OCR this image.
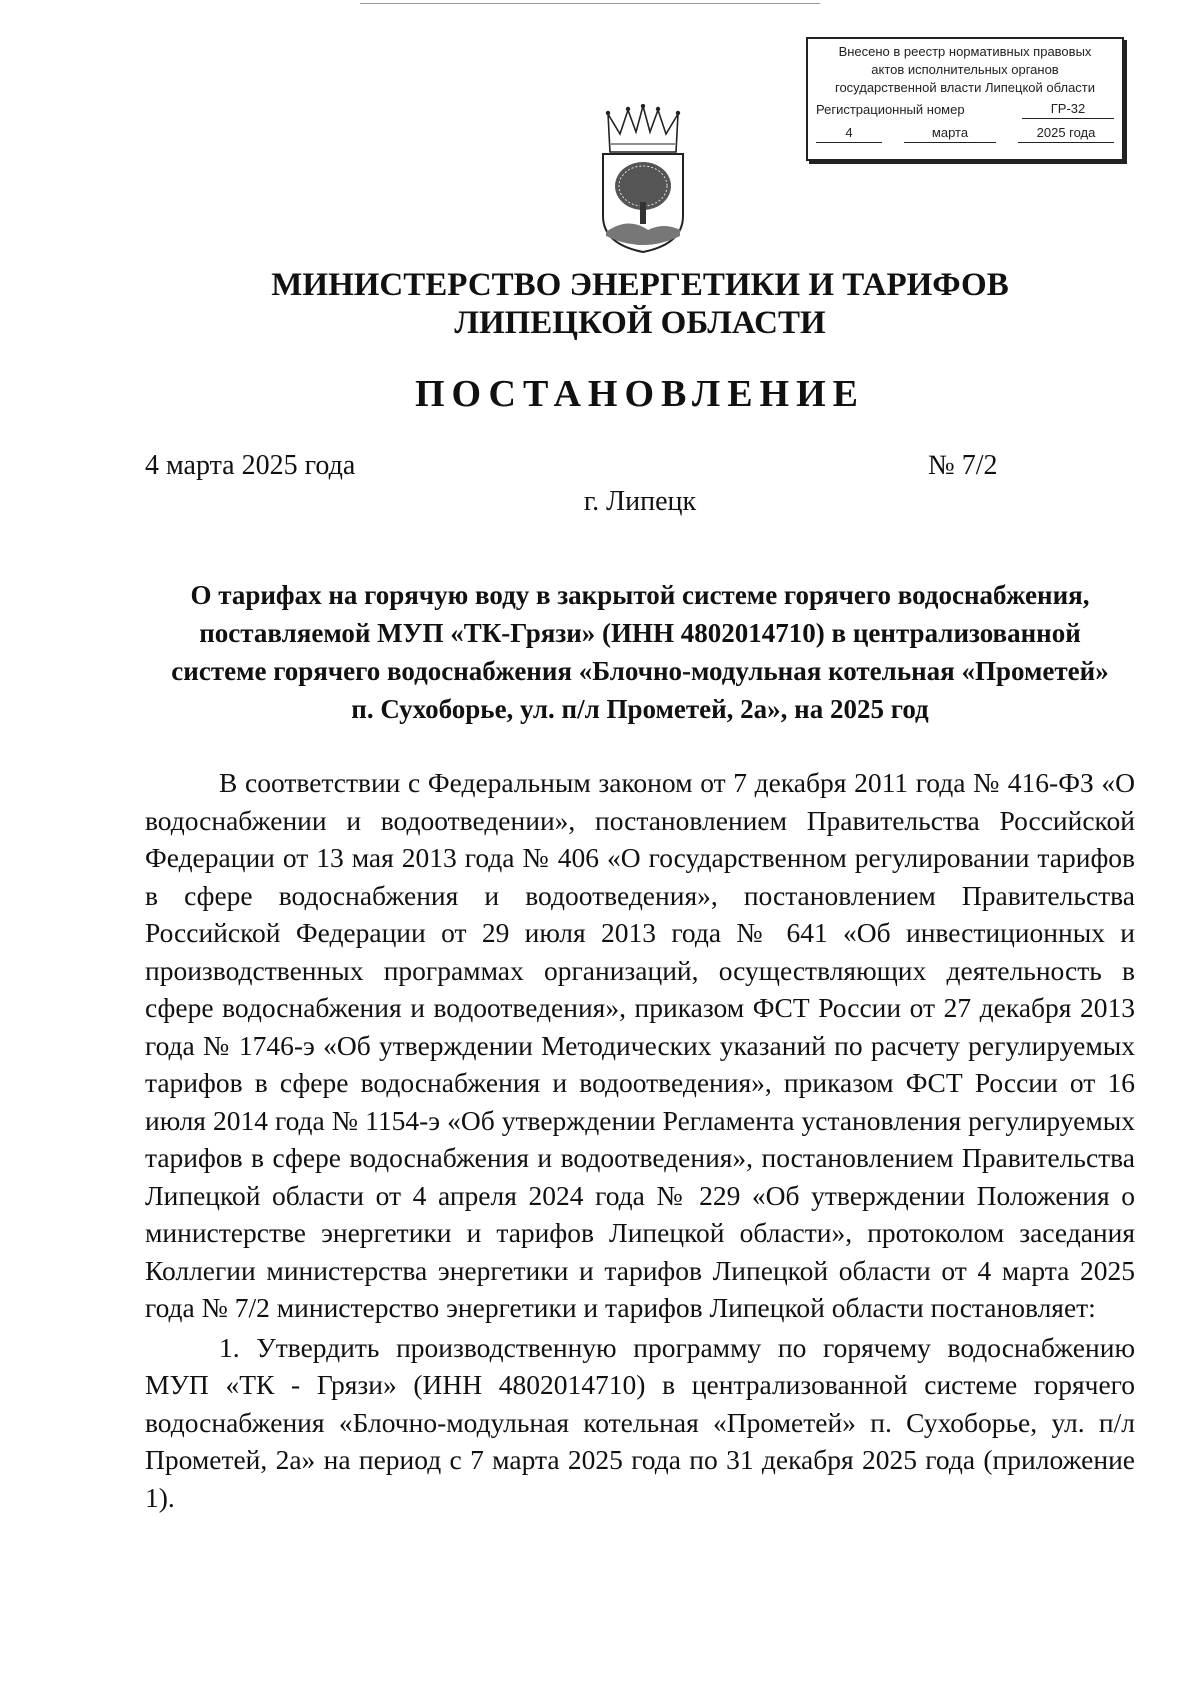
Внесено в реестр нормативных правовых
актов исполнительных органов
государственной власти Липецкой области
Регистрационный номер	ГР-32
4	марта	2025 года
МИНИСТЕРСТВО ЭНЕРГЕТИКИ И ТАРИФОВ
ЛИПЕЦКОЙ ОБЛАСТИ
ПОСТАНОВЛЕНИЕ
4 марта 2025 года	№ 7/2
г. Липецк
О тарифах на горячую воду в закрытой системе горячего водоснабжения,
поставляемой МУП «ТК-Грязи» (ИНН 4802014710) в централизованной
системе горячего водоснабжения «Блочно-модульная котельная «Прометей»
п. Сухоборье, ул. п/л Прометей, 2а», на 2025 год

В соответствии с Федеральным законом от 7 декабря 2011 года № 416-ФЗ «О водоснабжении и водоотведении», постановлением Правительства Российской Федерации от 13 мая 2013 года № 406 «О государственном регулировании тарифов в сфере водоснабжения и водоотведения», постановлением Правительства Российской Федерации от 29 июля 2013 года № 641 «Об инвестиционных и производственных программах организаций, осуществляющих деятельность в сфере водоснабжения и водоотведения», приказом ФСТ России от 27 декабря 2013 года № 1746-э «Об утверждении Методических указаний по расчету регулируемых тарифов в сфере водоснабжения и водоотведения», приказом ФСТ России от 16 июля 2014 года № 1154-э «Об утверждении Регламента установления регулируемых тарифов в сфере водоснабжения и водоотведения», постановлением Правительства Липецкой области от 4 апреля 2024 года № 229 «Об утверждении Положения о министерстве энергетики и тарифов Липецкой области», протоколом заседания Коллегии министерства энергетики и тарифов Липецкой области от 4 марта 2025 года № 7/2 министерство энергетики и тарифов Липецкой области постановляет:

1. Утвердить производственную программу по горячему водоснабжению МУП «ТК - Грязи» (ИНН 4802014710) в централизованной системе горячего водоснабжения «Блочно-модульная котельная «Прометей» п. Сухоборье, ул. п/л Прометей, 2а» на период с 7 марта 2025 года по 31 декабря 2025 года (приложение 1).
